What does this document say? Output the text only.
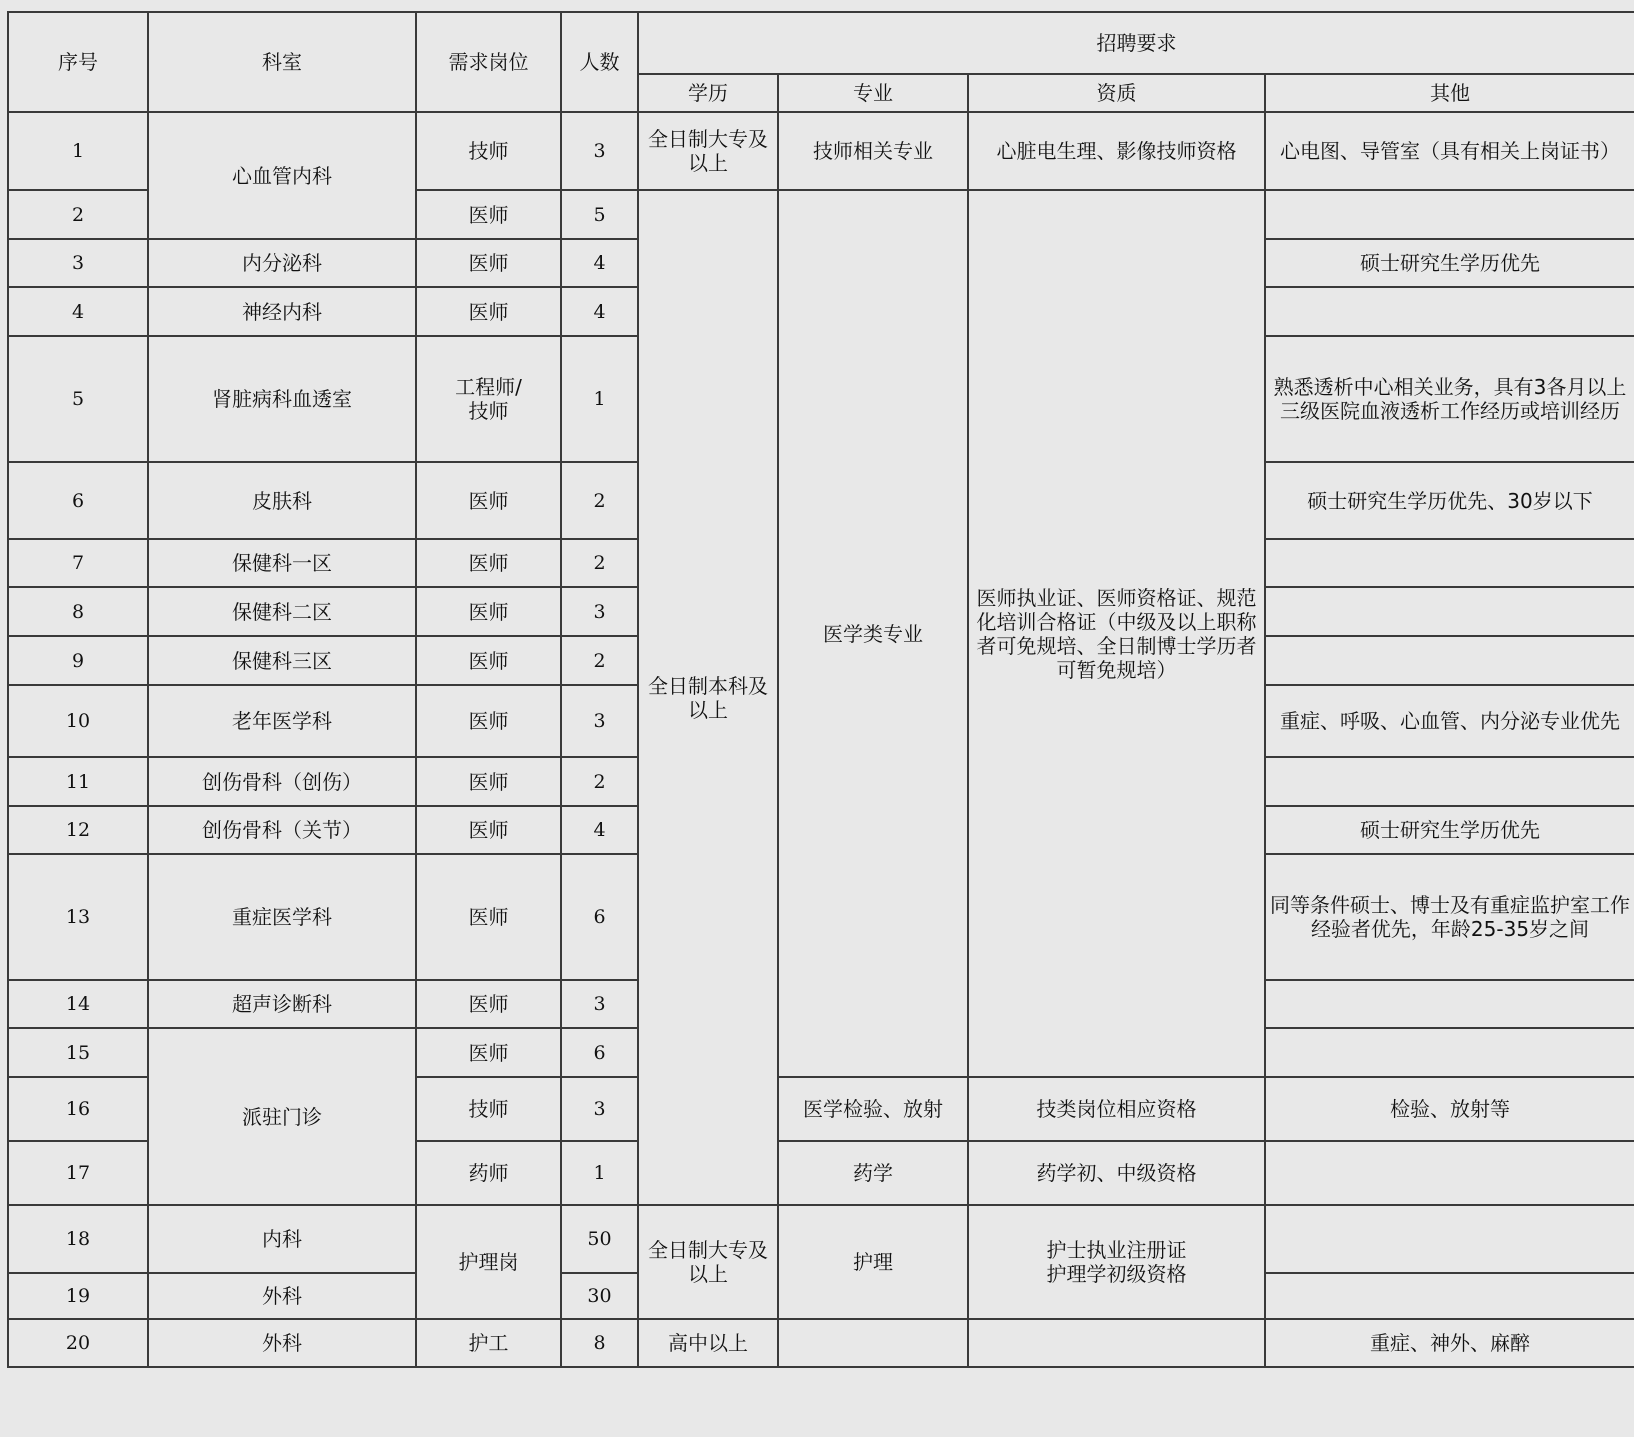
序号	科室	需求岗位	人数	招聘要求			
				学历	专业	资质	其他
1	心血管内科	技师	3	全日制大专及以上	技师相关专业	心脏电生理、影像技师资格	心电图、导管室（具有相关上岗证书）
2		医师	5	全日制本科及以上	医学类专业	医师执业证、医师资格证、规范化培训合格证（中级及以上职称者可免规培、全日制博士学历者可暂免规培）	
3	内分泌科	医师	4				硕士研究生学历优先
4	神经内科	医师	4				
5	肾脏病科血透室	工程师/技师	1				熟悉透析中心相关业务，具有3各月以上三级医院血液透析工作经历或培训经历
6	皮肤科	医师	2				硕士研究生学历优先、30岁以下
7	保健科一区	医师	2				
8	保健科二区	医师	3				
9	保健科三区	医师	2				
10	老年医学科	医师	3				重症、呼吸、心血管、内分泌专业优先
11	创伤骨科（创伤）	医师	2				
12	创伤骨科（关节）	医师	4				硕士研究生学历优先
13	重症医学科	医师	6				同等条件硕士、博士及有重症监护室工作经验者优先，年龄25-35岁之间
14	超声诊断科	医师	3				
15	派驻门诊	医师	6				
16		技师	3		医学检验、放射	技类岗位相应资格	检验、放射等
17		药师	1		药学	药学初、中级资格	
18	内科	护理岗	50	全日制大专及以上	护理	护士执业注册证
护理学初级资格	

19	外科		30				
20	外科	护工	8	高中以上			重症、神外、麻醉
